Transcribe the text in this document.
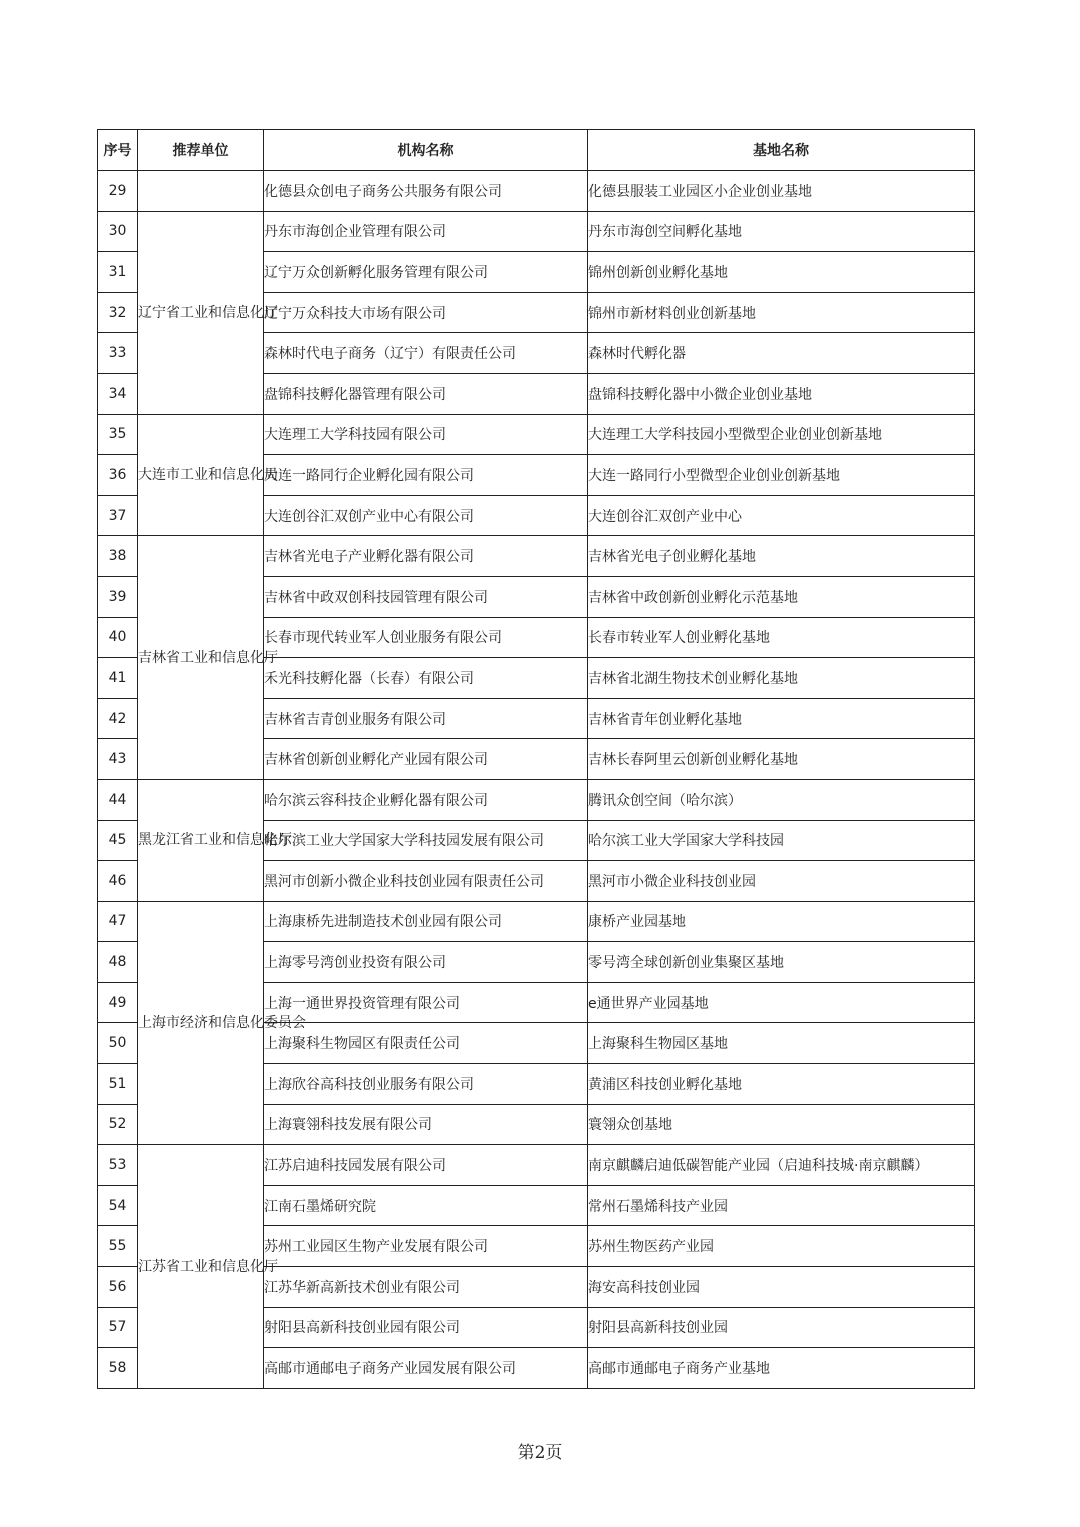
序号	推荐单位	机构名称	基地名称
29		化德县众创电子商务公共服务有限公司	化德县服装工业园区小企业创业基地
30	辽宁省工业和信息化厅	丹东市海创企业管理有限公司	丹东市海创空间孵化基地
31		辽宁万众创新孵化服务管理有限公司	锦州创新创业孵化基地
32		辽宁万众科技大市场有限公司	锦州市新材料创业创新基地
33		森林时代电子商务（辽宁）有限责任公司	森林时代孵化器
34		盘锦科技孵化器管理有限公司	盘锦科技孵化器中小微企业创业基地
35	大连市工业和信息化局	大连理工大学科技园有限公司	大连理工大学科技园小型微型企业创业创新基地
36		大连一路同行企业孵化园有限公司	大连一路同行小型微型企业创业创新基地
37		大连创谷汇双创产业中心有限公司	大连创谷汇双创产业中心
38	吉林省工业和信息化厅	吉林省光电子产业孵化器有限公司	吉林省光电子创业孵化基地
39		吉林省中政双创科技园管理有限公司	吉林省中政创新创业孵化示范基地
40		长春市现代转业军人创业服务有限公司	长春市转业军人创业孵化基地
41		禾光科技孵化器（长春）有限公司	吉林省北湖生物技术创业孵化基地
42		吉林省吉青创业服务有限公司	吉林省青年创业孵化基地
43		吉林省创新创业孵化产业园有限公司	吉林长春阿里云创新创业孵化基地
44	黑龙江省工业和信息化厅	哈尔滨云容科技企业孵化器有限公司	腾讯众创空间（哈尔滨）
45		哈尔滨工业大学国家大学科技园发展有限公司	哈尔滨工业大学国家大学科技园
46		黑河市创新小微企业科技创业园有限责任公司	黑河市小微企业科技创业园
47	上海市经济和信息化委员会	上海康桥先进制造技术创业园有限公司	康桥产业园基地
48		上海零号湾创业投资有限公司	零号湾全球创新创业集聚区基地
49		上海一通世界投资管理有限公司	e通世界产业园基地
50		上海聚科生物园区有限责任公司	上海聚科生物园区基地
51		上海欣谷高科技创业服务有限公司	黄浦区科技创业孵化基地
52		上海寰翎科技发展有限公司	寰翎众创基地
53	江苏省工业和信息化厅	江苏启迪科技园发展有限公司	南京麒麟启迪低碳智能产业园（启迪科技城·南京麒麟）
54		江南石墨烯研究院	常州石墨烯科技产业园
55		苏州工业园区生物产业发展有限公司	苏州生物医药产业园
56		江苏华新高新技术创业有限公司	海安高科技创业园
57		射阳县高新科技创业园有限公司	射阳县高新科技创业园
58		高邮市通邮电子商务产业园发展有限公司	高邮市通邮电子商务产业基地
第2页
